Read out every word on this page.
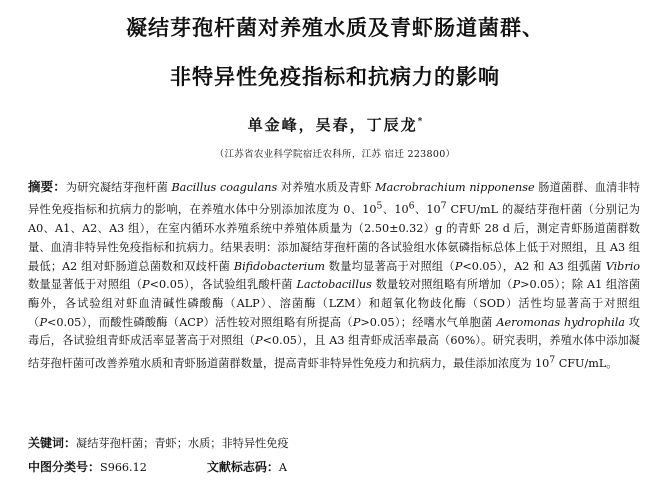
凝结芽孢杆菌对养殖水质及青虾肠道菌群、
非特异性免疫指标和抗病力的影响
单金峰，吴春，丁辰龙*
（江苏省农业科学院宿迁农科所，江苏 宿迁 223800）
摘要：为研究凝结芽孢杆菌 Bacillus coagulans 对养殖水质及青虾 Macrobrachium nipponense 肠道菌群、血清非特异性免疫指标和抗病力的影响，在养殖水体中分别添加浓度为 0、$10^5$、$10^6$、$10^7$ CFU/mL 的凝结芽孢杆菌（分别记为 A0、A1、A2、A3 组），在室内循环水养殖系统中养殖体质量为（2.50±0.32）g 的青虾 28 d 后，测定青虾肠道菌群数量、血清非特异性免疫指标和抗病力。结果表明：添加凝结芽孢杆菌的各试验组水体氨磷指标总体上低于对照组，且 A3 组最低；A2 组对虾肠道总菌数和双歧杆菌 Bifidobacterium 数量均显著高于对照组（P<0.05），A2 和 A3 组弧菌 Vibrio 数量显著低于对照组（P<0.05），各试验组乳酸杆菌 Lactobacillus 数量较对照组略有所增加（P>0.05）；除 A1 组溶菌酶外，各试验组对虾血清碱性磷酸酶（ALP）、溶菌酶（LZM）和超氧化物歧化酶（SOD）活性均显著高于对照组（P<0.05），而酸性磷酸酶（ACP）活性较对照组略有所提高（P>0.05）；经嗜水气单胞菌 Aeromonas hydrophila 攻毒后，各试验组青虾成活率显著高于对照组（P<0.05），且 A3 组青虾成活率最高（60%）。研究表明，养殖水体中添加凝结芽孢杆菌可改善养殖水质和青虾肠道菌群数量，提高青虾非特异性免疫力和抗病力，最佳添加浓度为 $10^7$ CFU/mL。
关键词：凝结芽孢杆菌；青虾；水质；非特异性免疫
中图分类号：S966.12	文献标志码：A
